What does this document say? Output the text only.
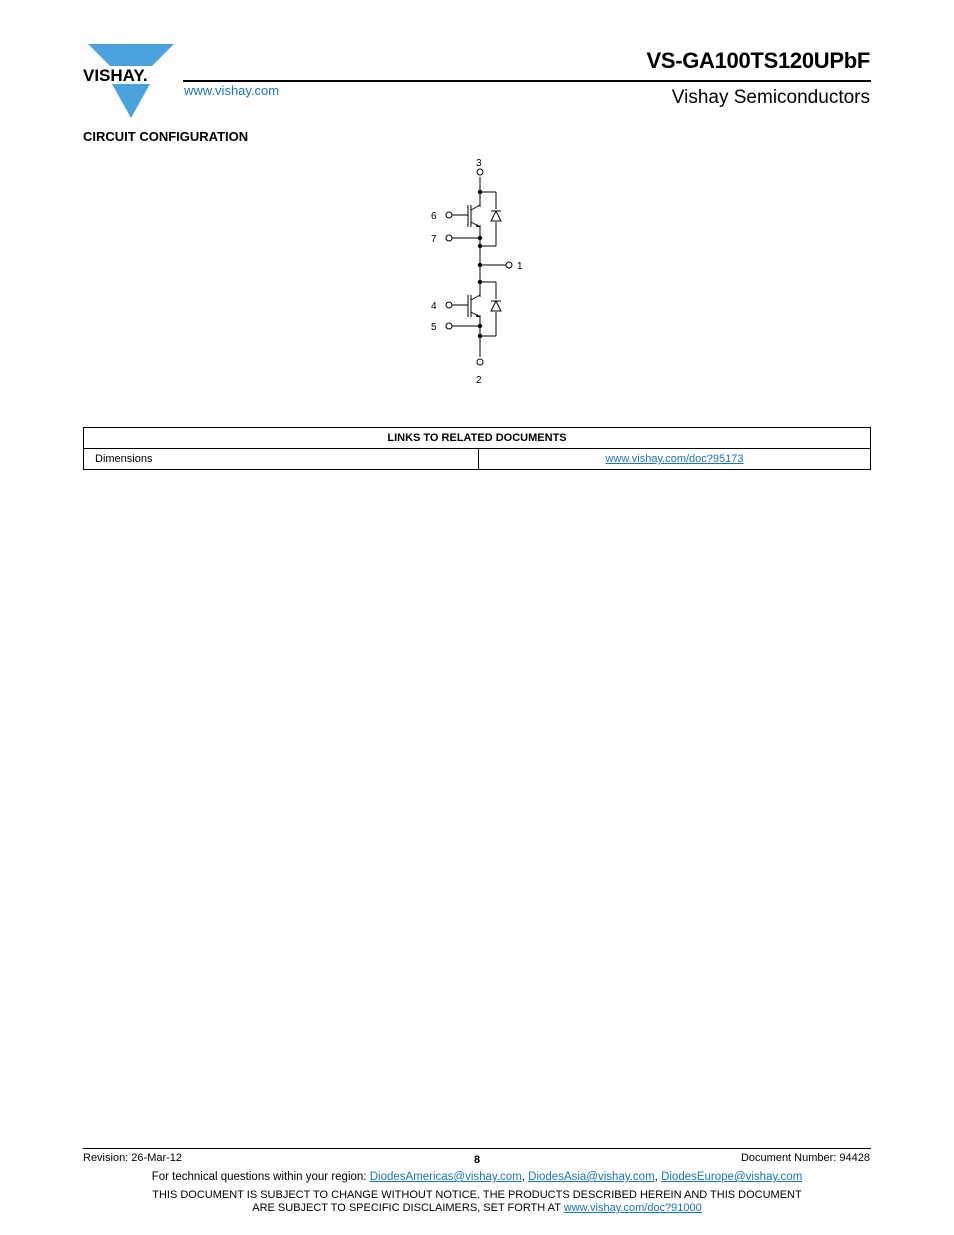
VISHAY.
www.vishay.com
VS-GA100TS120UPbF
Vishay Semiconductors
CIRCUIT CONFIGURATION
3
6
7
1
4
5
2
LINKS TO RELATED DOCUMENTS
Dimensions	www.vishay.com/doc?95173
Revision: 26-Mar-12	8	Document Number: 94428
For technical questions within your region: DiodesAmericas@vishay.com, DiodesAsia@vishay.com, DiodesEurope@vishay.com
THIS DOCUMENT IS SUBJECT TO CHANGE WITHOUT NOTICE. THE PRODUCTS DESCRIBED HEREIN AND THIS DOCUMENT
ARE SUBJECT TO SPECIFIC DISCLAIMERS, SET FORTH AT www.vishay.com/doc?91000
